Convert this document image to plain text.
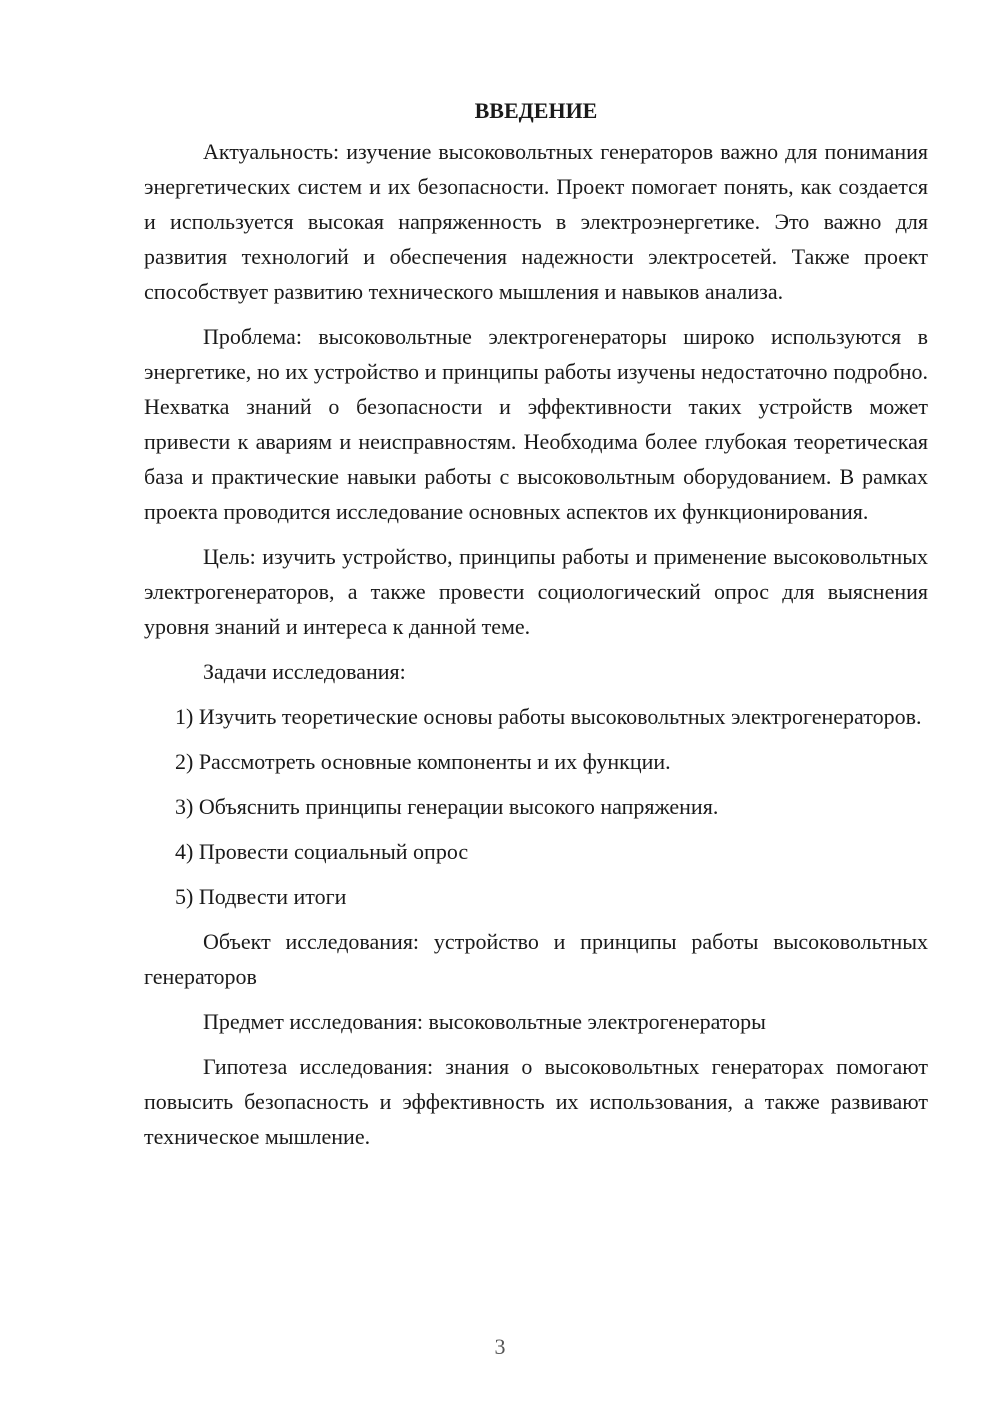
ВВЕДЕНИЕ

Актуальность: изучение высоковольтных генераторов важно для понимания энергетических систем и их безопасности. Проект помогает понять, как создается и используется высокая напряженность в электроэнергетике. Это важно для развития технологий и обеспечения надежности электросетей. Также проект способствует развитию технического мышления и навыков анализа.

Проблема: высоковольтные электрогенераторы широко используются в энергетике, но их устройство и принципы работы изучены недостаточно подробно. Нехватка знаний о безопасности и эффективности таких устройств может привести к авариям и неисправностям. Необходима более глубокая теоретическая база и практические навыки работы с высоковольтным оборудованием. В рамках проекта проводится исследование основных аспектов их функционирования.

Цель: изучить устройство, принципы работы и применение высоковольтных электрогенераторов, а также провести социологический опрос для выяснения уровня знаний и интереса к данной теме.

Задачи исследования:

1) Изучить теоретические основы работы высоковольтных электрогенераторов.

2) Рассмотреть основные компоненты и их функции.

3) Объяснить принципы генерации высокого напряжения.

4) Провести социальный опрос

5) Подвести итоги

Объект исследования: устройство и принципы работы высоковольтных генераторов

Предмет исследования: высоковольтные электрогенераторы

Гипотеза исследования: знания о высоковольтных генераторах помогают повысить безопасность и эффективность их использования, а также развивают техническое мышление.

3
